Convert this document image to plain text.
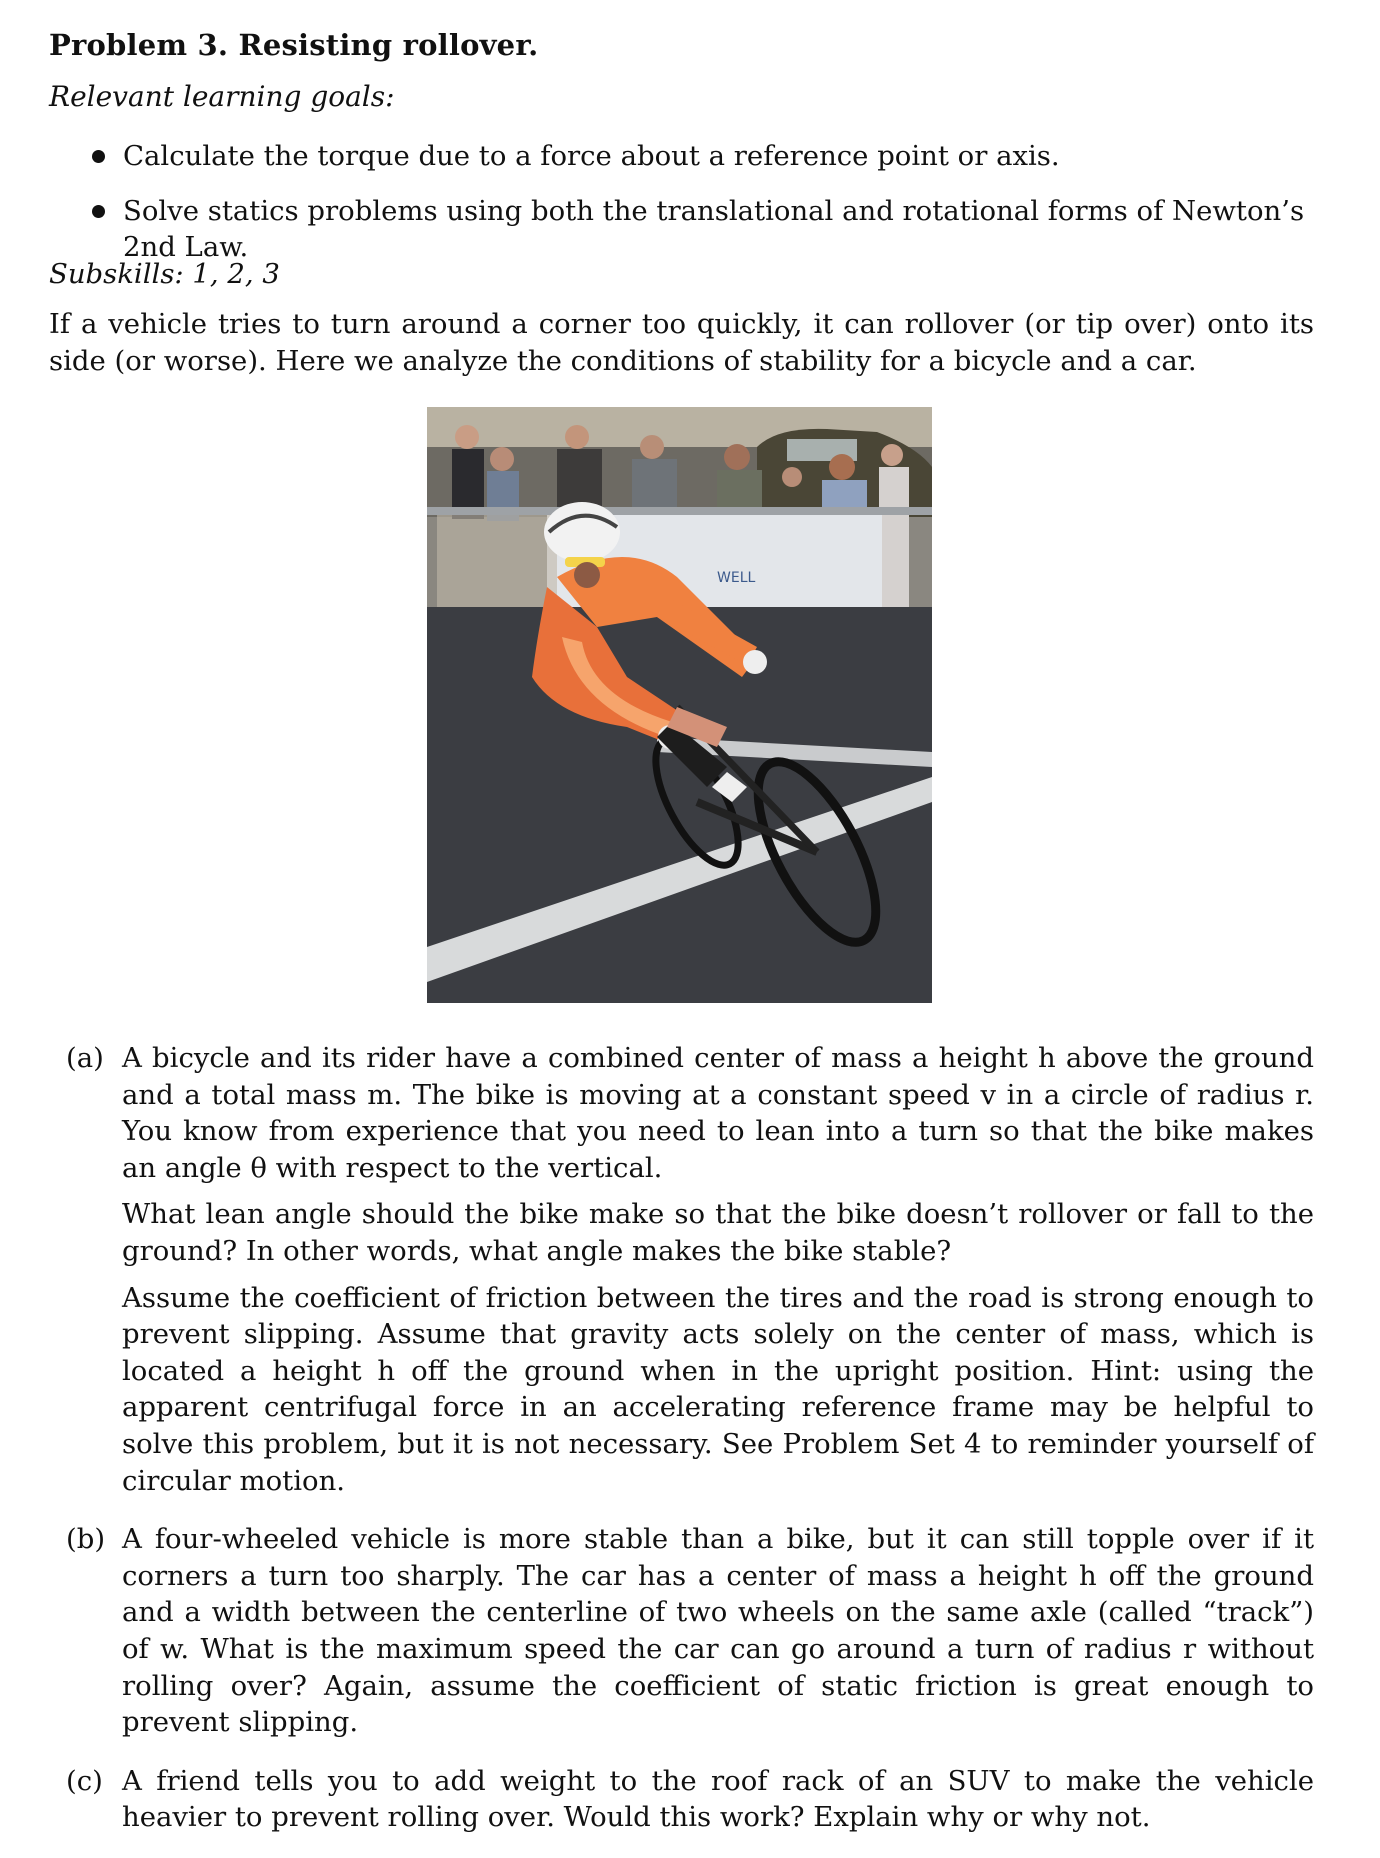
Problem 3. Resisting rollover.
Relevant learning goals:
Calculate the torque due to a force about a reference point or axis.
Solve statics problems using both the translational and rotational forms of Newton’s 2nd Law.
Subskills: 1, 2, 3
If a vehicle tries to turn around a corner too quickly, it can rollover (or tip over) onto its side (or worse). Here we analyze the conditions of stability for a bicycle and a car.
WELL
(a) A bicycle and its rider have a combined center of mass a height h above the ground and a total mass m. The bike is moving at a constant speed v in a circle of radius r. You know from experience that you need to lean into a turn so that the bike makes an angle θ with respect to the vertical.

What lean angle should the bike make so that the bike doesn’t rollover or fall to the ground? In other words, what angle makes the bike stable?

Assume the coefficient of friction between the tires and the road is strong enough to prevent slipping. Assume that gravity acts solely on the center of mass, which is located a height h off the ground when in the upright position. Hint: using the apparent centrifugal force in an accelerating reference frame may be helpful to solve this problem, but it is not necessary. See Problem Set 4 to reminder yourself of circular motion.

(b) A four-wheeled vehicle is more stable than a bike, but it can still topple over if it corners a turn too sharply. The car has a center of mass a height h off the ground and a width between the centerline of two wheels on the same axle (called “track”) of w. What is the maximum speed the car can go around a turn of radius r without rolling over? Again, assume the coefficient of static friction is great enough to prevent slipping.

(c) A friend tells you to add weight to the roof rack of an SUV to make the vehicle heavier to prevent rolling over. Would this work? Explain why or why not.
